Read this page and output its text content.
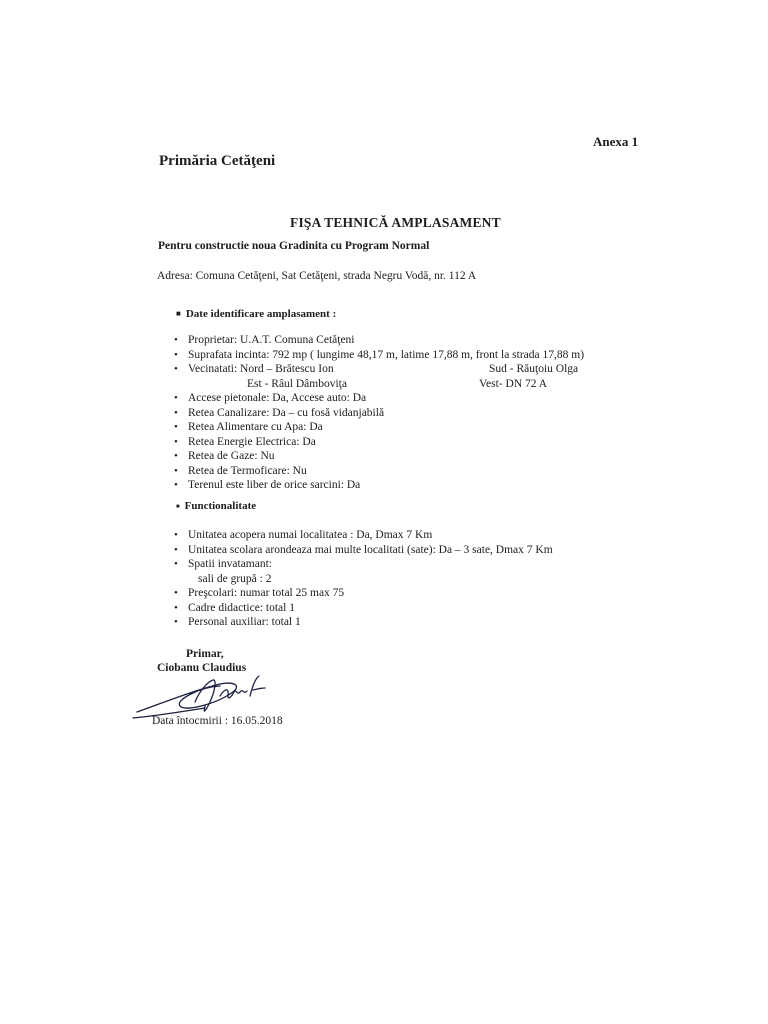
Anexa 1
Primăria Cetăţeni
FIŞA TEHNICĂ AMPLASAMENT
Pentru constructie noua Gradinita cu Program Normal
Adresa: Comuna Cetăţeni, Sat Cetăţeni, strada Negru Vodă, nr. 112 A
■ Date identificare amplasament :
• Proprietar: U.A.T. Comuna Cetăţeni
• Suprafata incinta: 792 mp ( lungime 48,17 m, latime 17,88 m, front la strada 17,88 m)
• Vecinatati: Nord – Brătescu Ion	Sud - Răuţoiu Olga
Est - Râul Dâmboviţa	Vest- DN 72 A
• Accese pietonale: Da, Accese auto: Da
• Retea Canalizare: Da – cu fosă vidanjabilă
• Retea Alimentare cu Apa: Da
• Retea Energie Electrica: Da
• Retea de Gaze: Nu
• Retea de Termoficare: Nu
• Terenul este liber de orice sarcini: Da
■ Functionalitate
• Unitatea acopera numai localitatea : Da, Dmax 7 Km
• Unitatea scolara arondeaza mai multe localitati (sate): Da – 3 sate, Dmax 7 Km
• Spatii invatamant:
sali de grupă : 2
• Preşcolari: numar total 25 max 75
• Cadre didactice: total 1
• Personal auxiliar: total 1
Primar,
Ciobanu Claudius
Data întocmirii : 16.05.2018
